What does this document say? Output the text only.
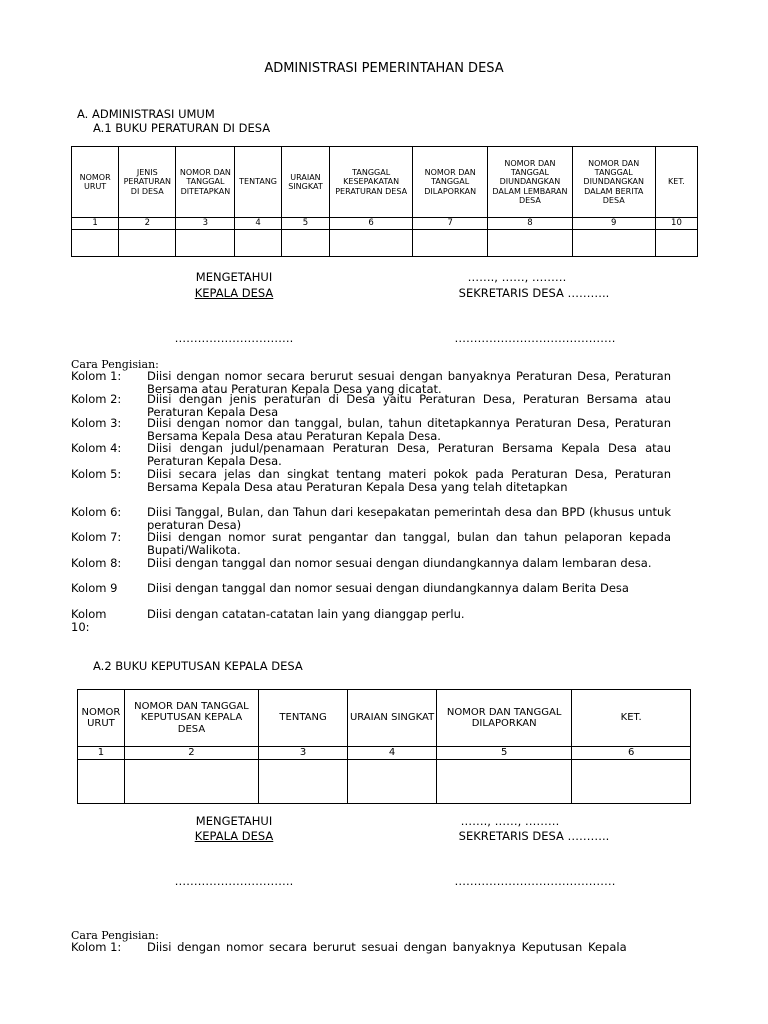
ADMINISTRASI PEMERINTAHAN DESA
A. ADMINISTRASI UMUM
A.1 BUKU PERATURAN DI DESA
NOMOR URUT	JENIS PERATURAN DI DESA	NOMOR DAN TANGGAL DITETAPKAN	TENTANG	URAIAN SINGKAT	TANGGAL KESEPAKATAN PERATURAN DESA	NOMOR DAN TANGGAL DILAPORKAN	NOMOR DAN TANGGAL DIUNDANGKAN DALAM LEMBARAN DESA	NOMOR DAN TANGGAL DIUNDANGKAN DALAM BERITA DESA	KET.
1	2	3	4	5	6	7	8	9	10

MENGETAHUI
KEPALA DESA
……., ……, ………
SEKRETARIS DESA ………..
………………………….	……………………………………
Cara Pengisian:
Kolom 1:	Diisi dengan nomor secara berurut sesuai dengan banyaknya Peraturan Desa, Peraturan Bersama atau Peraturan Kepala Desa yang dicatat.
Kolom 2:	Diisi dengan jenis peraturan di Desa yaitu Peraturan Desa, Peraturan Bersama atau Peraturan Kepala Desa
Kolom 3:	Diisi dengan nomor dan tanggal, bulan, tahun ditetapkannya Peraturan Desa, Peraturan Bersama Kepala Desa atau Peraturan Kepala Desa.
Kolom 4:	Diisi dengan judul/penamaan Peraturan Desa, Peraturan Bersama Kepala Desa atau Peraturan Kepala Desa.
Kolom 5:	Diisi secara jelas dan singkat tentang materi pokok pada Peraturan Desa, Peraturan Bersama Kepala Desa atau Peraturan Kepala Desa yang telah ditetapkan
Kolom 6:	Diisi Tanggal, Bulan, dan Tahun dari kesepakatan pemerintah desa dan BPD (khusus untuk peraturan Desa)
Kolom 7:	Diisi dengan nomor surat pengantar dan tanggal, bulan dan tahun pelaporan kepada Bupati/Walikota.
Kolom 8:	Diisi dengan tanggal dan nomor sesuai dengan diundangkannya dalam lembaran desa.
Kolom 9	Diisi dengan tanggal dan nomor sesuai dengan diundangkannya dalam Berita Desa
Kolom 10:
Diisi dengan catatan-catatan lain yang dianggap perlu.
A.2 BUKU KEPUTUSAN KEPALA DESA
NOMOR URUT	NOMOR DAN TANGGAL KEPUTUSAN KEPALA DESA	TENTANG	URAIAN SINGKAT	NOMOR DAN TANGGAL DILAPORKAN	KET.
1	2	3	4	5	6

MENGETAHUI
KEPALA DESA
……., ……, ………
SEKRETARIS DESA ………..
………………………….	……………………………………
Cara Pengisian:
Kolom 1:	Diisi dengan nomor secara berurut sesuai dengan banyaknya Keputusan Kepala
